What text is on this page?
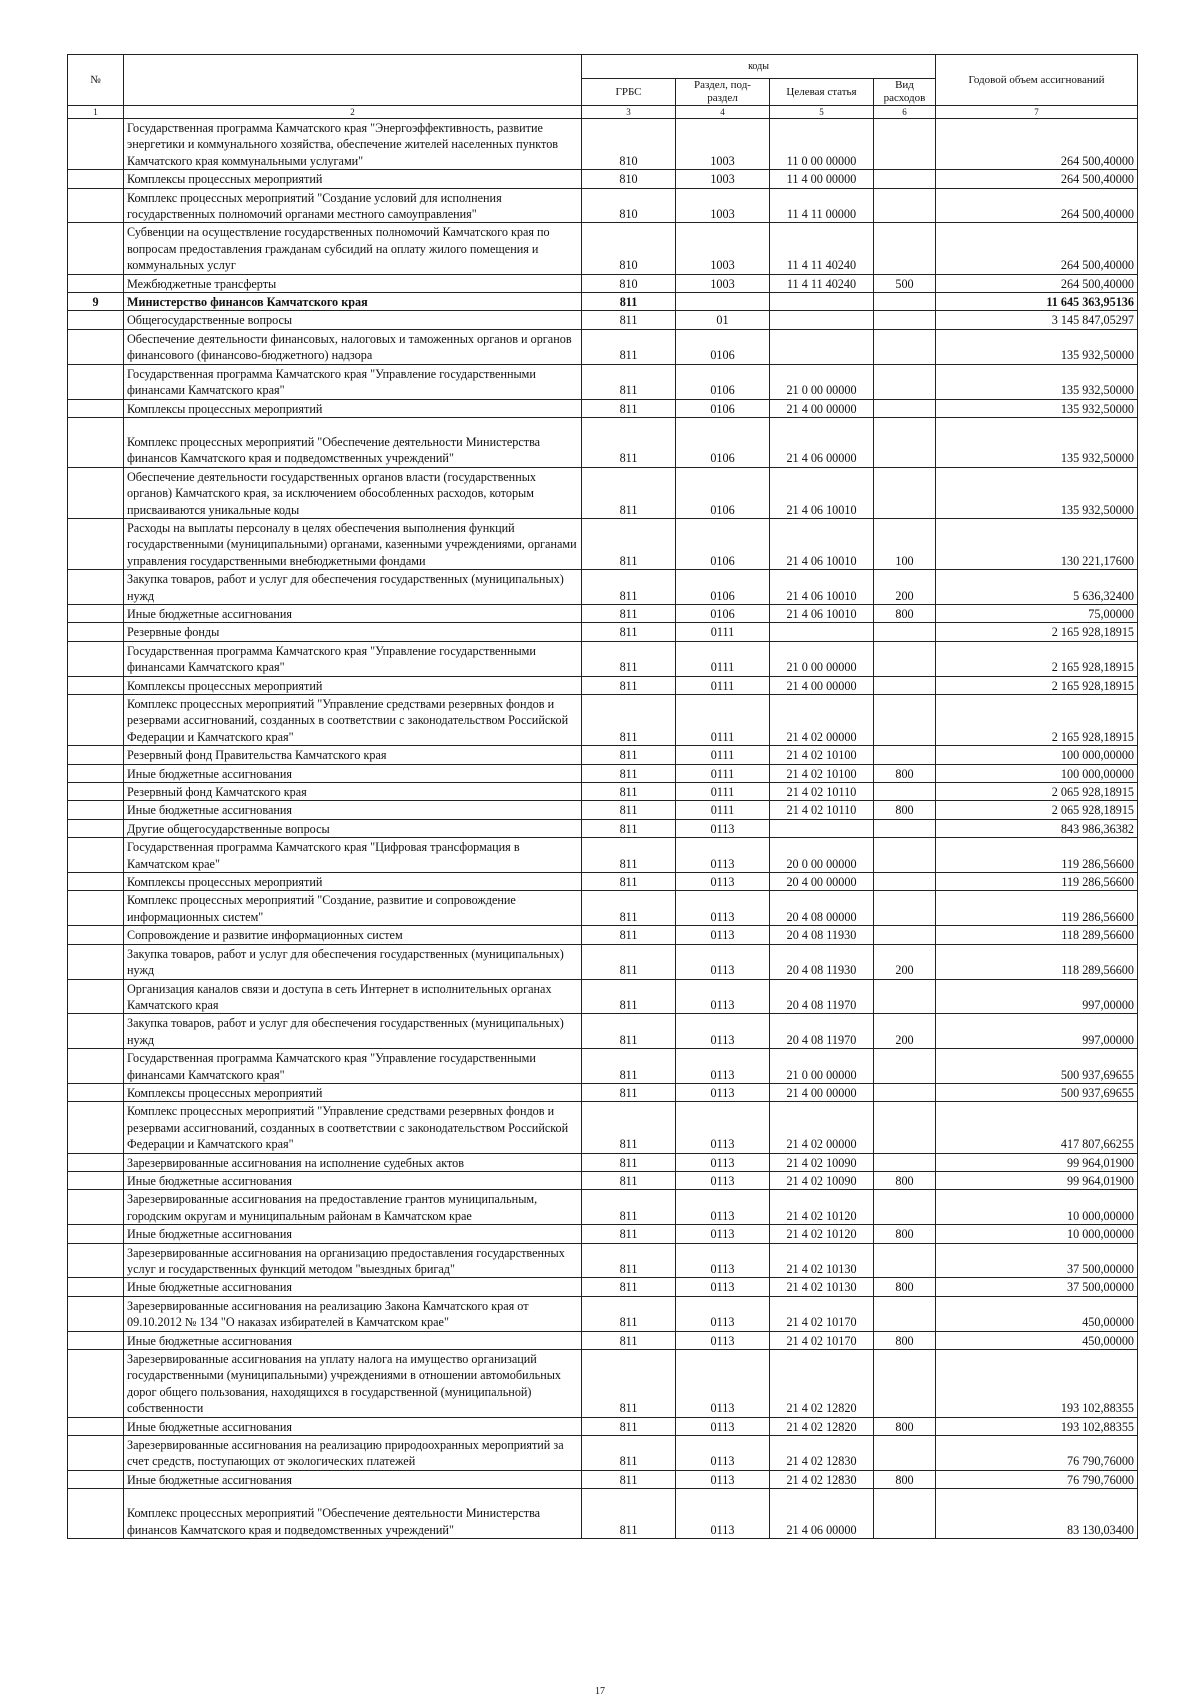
№		коды				Годовой объем ассигнований
		ГРБС	Раздел, под- раздел	Целевая статья	Вид расходов	
1	2	3	4	5	6	7
	Государственная программа Камчатского края "Энергоэффективность, развитие энергетики и коммунального хозяйства, обеспечение жителей населенных пунктов Камчатского края коммунальными услугами"	810	1003	11 0 00 00000		264 500,40000
	Комплексы процессных мероприятий	810	1003	11 4 00 00000		264 500,40000
	Комплекс процессных мероприятий "Создание условий для исполнения государственных полномочий органами местного самоуправления"	810	1003	11 4 11 00000		264 500,40000
	Субвенции на осуществление государственных полномочий Камчатского края по вопросам предоставления гражданам субсидий на оплату жилого помещения и коммунальных услуг	810	1003	11 4 11 40240		264 500,40000
	Межбюджетные трансферты	810	1003	11 4 11 40240	500	264 500,40000
9	Министерство финансов Камчатского края	811				11 645 363,95136
	Общегосударственные вопросы	811	01			3 145 847,05297
	Обеспечение деятельности финансовых, налоговых и таможенных органов и органов финансового (финансово-бюджетного) надзора	811	0106			135 932,50000
	Государственная программа Камчатского края "Управление государственными финансами Камчатского края"	811	0106	21 0 00 00000		135 932,50000
	Комплексы процессных мероприятий	811	0106	21 4 00 00000		135 932,50000
	Комплекс процессных мероприятий "Обеспечение деятельности Министерства финансов Камчатского края и подведомственных учреждений"	811	0106	21 4 06 00000		135 932,50000
	Обеспечение деятельности государственных органов власти (государственных органов) Камчатского края, за исключением обособленных расходов, которым присваиваются уникальные коды	811	0106	21 4 06 10010		135 932,50000
	Расходы на выплаты персоналу в целях обеспечения выполнения функций государственными (муниципальными) органами, казенными учреждениями, органами управления государственными внебюджетными фондами	811	0106	21 4 06 10010	100	130 221,17600
	Закупка товаров, работ и услуг для обеспечения государственных (муниципальных) нужд	811	0106	21 4 06 10010	200	5 636,32400
	Иные бюджетные ассигнования	811	0106	21 4 06 10010	800	75,00000
	Резервные фонды	811	0111			2 165 928,18915
	Государственная программа Камчатского края "Управление государственными финансами Камчатского края"	811	0111	21 0 00 00000		2 165 928,18915
	Комплексы процессных мероприятий	811	0111	21 4 00 00000		2 165 928,18915
	Комплекс процессных мероприятий "Управление средствами резервных фондов и резервами ассигнований, созданных в соответствии с законодательством Российской Федерации и Камчатского края"	811	0111	21 4 02 00000		2 165 928,18915
	Резервный фонд Правительства Камчатского края	811	0111	21 4 02 10100		100 000,00000
	Иные бюджетные ассигнования	811	0111	21 4 02 10100	800	100 000,00000
	Резервный фонд Камчатского края	811	0111	21 4 02 10110		2 065 928,18915
	Иные бюджетные ассигнования	811	0111	21 4 02 10110	800	2 065 928,18915
	Другие общегосударственные вопросы	811	0113			843 986,36382
	Государственная программа Камчатского края "Цифровая трансформация в Камчатском крае"	811	0113	20 0 00 00000		119 286,56600
	Комплексы процессных мероприятий	811	0113	20 4 00 00000		119 286,56600
	Комплекс процессных мероприятий "Создание, развитие и сопровождение информационных систем"	811	0113	20 4 08 00000		119 286,56600
	Сопровождение и развитие информационных систем	811	0113	20 4 08 11930		118 289,56600
	Закупка товаров, работ и услуг для обеспечения государственных (муниципальных) нужд	811	0113	20 4 08 11930	200	118 289,56600
	Организация каналов связи и доступа в сеть Интернет в исполнительных органах Камчатского края	811	0113	20 4 08 11970		997,00000
	Закупка товаров, работ и услуг для обеспечения государственных (муниципальных) нужд	811	0113	20 4 08 11970	200	997,00000
	Государственная программа Камчатского края "Управление государственными финансами Камчатского края"	811	0113	21 0 00 00000		500 937,69655
	Комплексы процессных мероприятий	811	0113	21 4 00 00000		500 937,69655
	Комплекс процессных мероприятий "Управление средствами резервных фондов и резервами ассигнований, созданных в соответствии с законодательством Российской Федерации и Камчатского края"	811	0113	21 4 02 00000		417 807,66255
	Зарезервированные ассигнования на исполнение судебных актов	811	0113	21 4 02 10090		99 964,01900
	Иные бюджетные ассигнования	811	0113	21 4 02 10090	800	99 964,01900
	Зарезервированные ассигнования на предоставление грантов муниципальным, городским округам и муниципальным районам в Камчатском крае	811	0113	21 4 02 10120		10 000,00000
	Иные бюджетные ассигнования	811	0113	21 4 02 10120	800	10 000,00000
	Зарезервированные ассигнования на организацию предоставления государственных услуг и государственных функций методом "выездных бригад"	811	0113	21 4 02 10130		37 500,00000
	Иные бюджетные ассигнования	811	0113	21 4 02 10130	800	37 500,00000
	Зарезервированные ассигнования на реализацию Закона Камчатского края от 09.10.2012 № 134 "О наказах избирателей в Камчатском крае"	811	0113	21 4 02 10170		450,00000
	Иные бюджетные ассигнования	811	0113	21 4 02 10170	800	450,00000
	Зарезервированные ассигнования на уплату налога на имущество организаций государственными (муниципальными) учреждениями в отношении автомобильных дорог общего пользования, находящихся в государственной (муниципальной) собственности	811	0113	21 4 02 12820		193 102,88355
	Иные бюджетные ассигнования	811	0113	21 4 02 12820	800	193 102,88355
	Зарезервированные ассигнования на реализацию природоохранных мероприятий за счет средств, поступающих от экологических платежей	811	0113	21 4 02 12830		76 790,76000
	Иные бюджетные ассигнования	811	0113	21 4 02 12830	800	76 790,76000
	Комплекс процессных мероприятий "Обеспечение деятельности Министерства финансов Камчатского края и подведомственных учреждений"	811	0113	21 4 06 00000		83 130,03400
17
